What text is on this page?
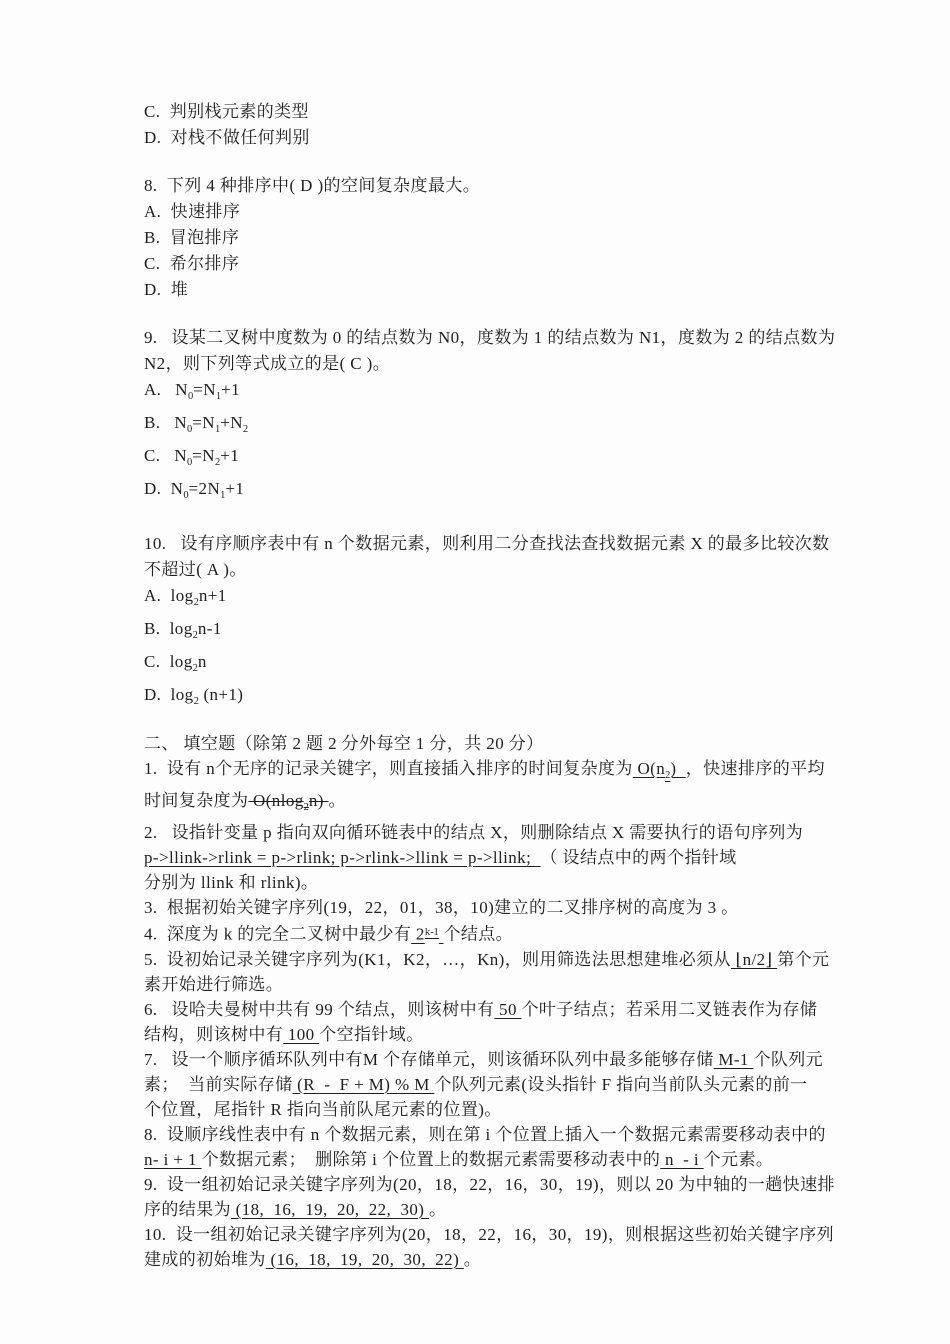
C.  判别栈元素的类型
D.  对栈不做任何判别
8.  下列 4 种排序中( D )的空间复杂度最大。
A.  快速排序
B.  冒泡排序
C.  希尔排序
D.  堆
9.   设某二叉树中度数为 0 的结点数为 N0，度数为 1 的结点数为 N1，度数为 2 的结点数为
N2，则下列等式成立的是( C )。
A.   $N_0=N_1+1$
B.   $N_0=N_1+N_2$
C.   $N_0=N_2+1$
D.  $N_0=2N_1+1$
10.   设有序顺序表中有 n 个数据元素，则利用二分查找法查找数据元素 X 的最多比较次数
不超过( A )。
A.  $\log_2n+1$
B.  $\log_2n-1$
C.  $\log_2n$
D.  $\log_2 (n+1)$
二、 填空题（除第 2 题 2 分外每空 1 分，共 20 分）
1.  设有 n个无序的记录关键字，则直接插入排序的时间复杂度为 $O(n_2)$  ，快速排序的平均
时间复杂度为 O(nlog$_2$n) 。
2.   设指针变量 p 指向双向循环链表中的结点 X，则删除结点 X 需要执行的语句序列为
p->llink->rlink = p->rlink; p->rlink->llink = p->llink;  （ 设结点中的两个指针域
分别为 llink 和 rlink)。
3.  根据初始关键字序列(19，22，01，38，10)建立的二叉排序树的高度为 3 。
4.  深度为 k 的完全二叉树中最少有 2$^{k-1}$ 个结点。
5.  设初始记录关键字序列为(K1，K2，…，Kn)，则用筛选法思想建堆必须从 ⌊n/2⌋ 第个元
素开始进行筛选。
6.   设哈夫曼树中共有 99 个结点，则该树中有 50 个叶子结点；若采用二叉链表作为存储
结构，则该树中有 100 个空指针域。
7.   设一个顺序循环队列中有M 个存储单元，则该循环队列中最多能够存储 M-1 个队列元
素；  当前实际存储 (R  -  F + M) % M 个队列元素(设头指针 F 指向当前队头元素的前一
个位置，尾指针 R 指向当前队尾元素的位置)。
8.  设顺序线性表中有 n 个数据元素，则在第 i 个位置上插入一个数据元素需要移动表中的
n- i + 1 个数据元素；  删除第 i 个位置上的数据元素需要移动表中的 n  - i 个元素。
9.  设一组初始记录关键字序列为(20，18，22，16，30，19)，则以 20 为中轴的一趟快速排
序的结果为 (18,  16,  19,  20,  22,  30) 。
10.  设一组初始记录关键字序列为(20，18，22，16，30，19)，则根据这些初始关键字序列
建成的初始堆为 (16,  18,  19,  20,  30,  22) 。
